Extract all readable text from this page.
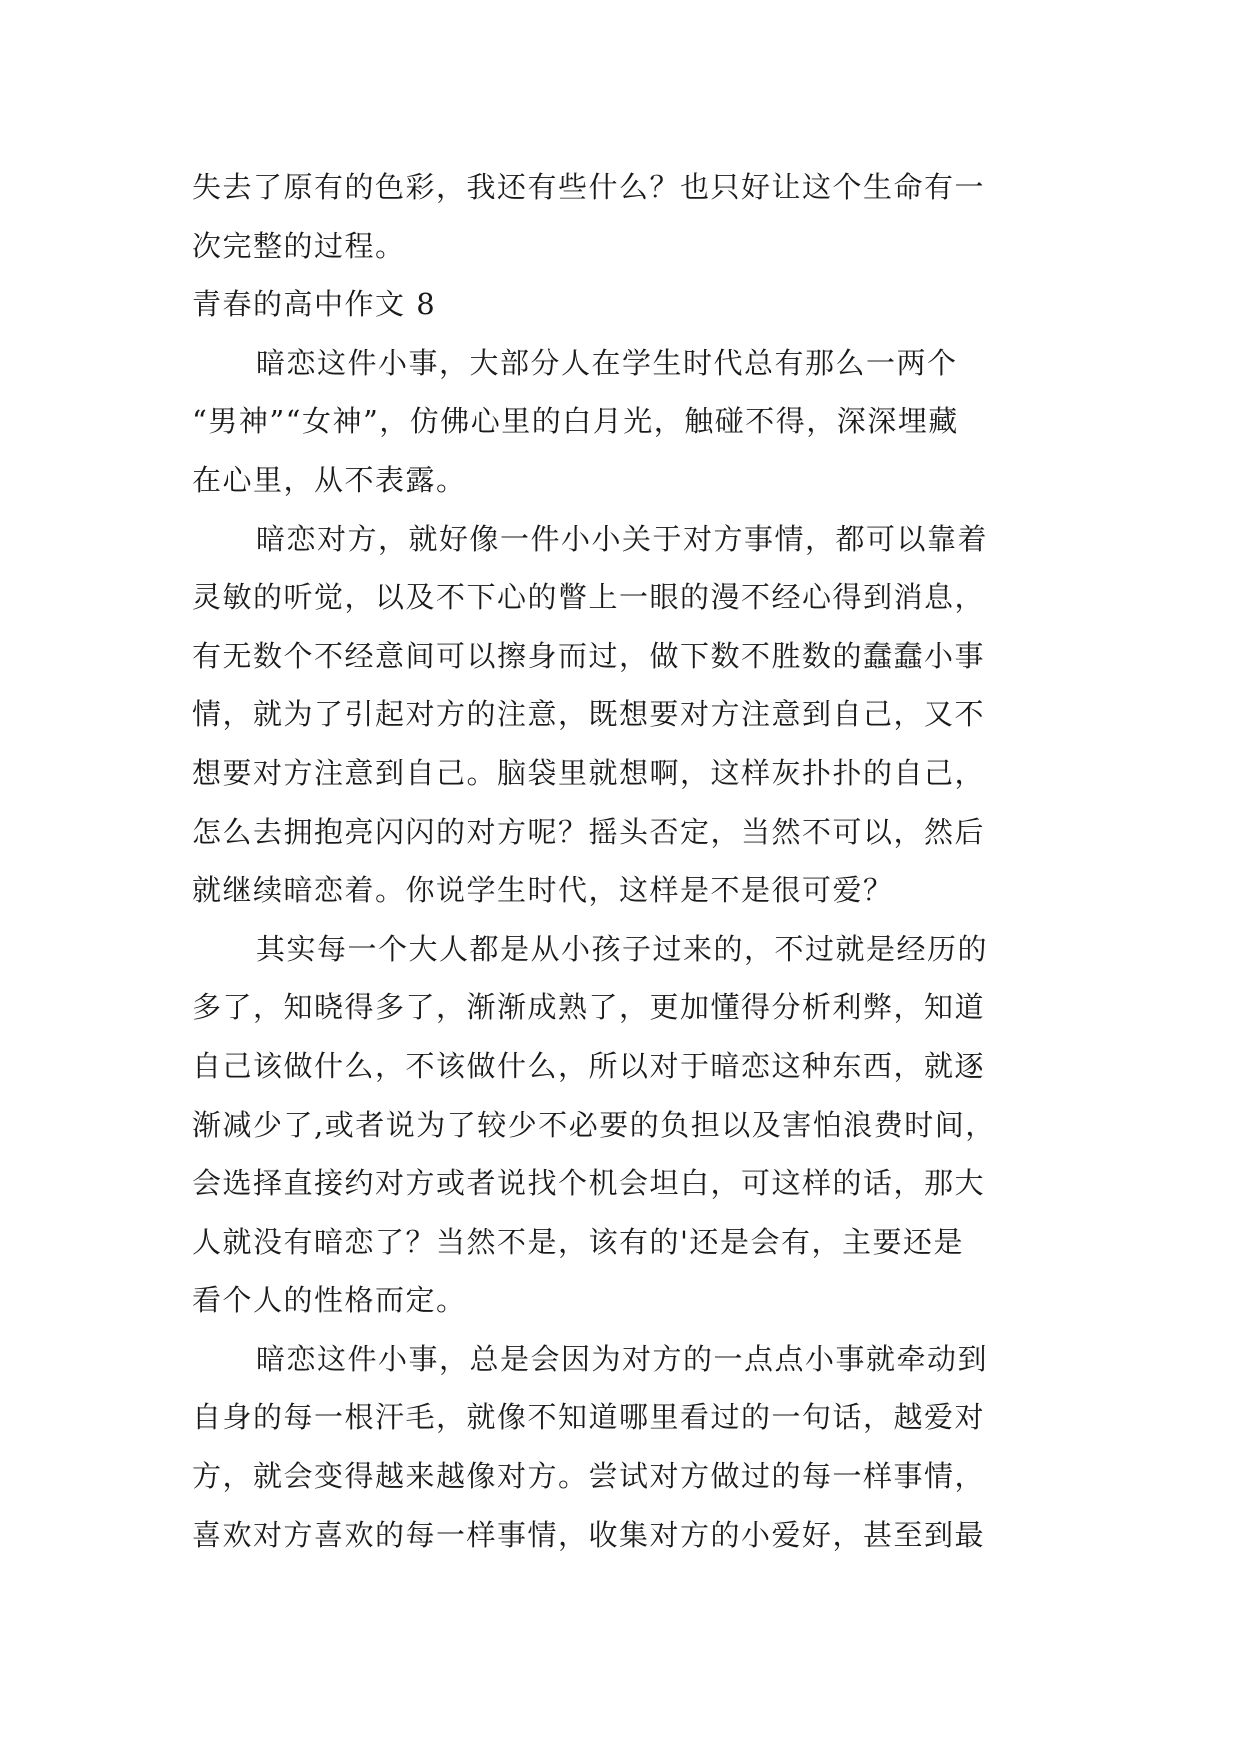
失去了原有的色彩，我还有些什么？也只好让这个生命有一
次完整的过程。
青春的高中作文 8
暗恋这件小事，大部分人在学生时代总有那么一两个
“男神”“女神”，仿佛心里的白月光，触碰不得，深深埋藏
在心里，从不表露。
暗恋对方，就好像一件小小关于对方事情，都可以靠着
灵敏的听觉，以及不下心的瞥上一眼的漫不经心得到消息，
有无数个不经意间可以擦身而过，做下数不胜数的蠢蠢小事
情，就为了引起对方的注意，既想要对方注意到自己，又不
想要对方注意到自己。脑袋里就想啊，这样灰扑扑的自己，
怎么去拥抱亮闪闪的对方呢？摇头否定，当然不可以，然后
就继续暗恋着。你说学生时代，这样是不是很可爱？
其实每一个大人都是从小孩子过来的，不过就是经历的
多了，知晓得多了，渐渐成熟了，更加懂得分析利弊，知道
自己该做什么，不该做什么，所以对于暗恋这种东西，就逐
渐减少了,或者说为了较少不必要的负担以及害怕浪费时间，
会选择直接约对方或者说找个机会坦白，可这样的话，那大
人就没有暗恋了？当然不是，该有的'还是会有，主要还是
看个人的性格而定。
暗恋这件小事，总是会因为对方的一点点小事就牵动到
自身的每一根汗毛，就像不知道哪里看过的一句话，越爱对
方，就会变得越来越像对方。尝试对方做过的每一样事情，
喜欢对方喜欢的每一样事情，收集对方的小爱好，甚至到最
